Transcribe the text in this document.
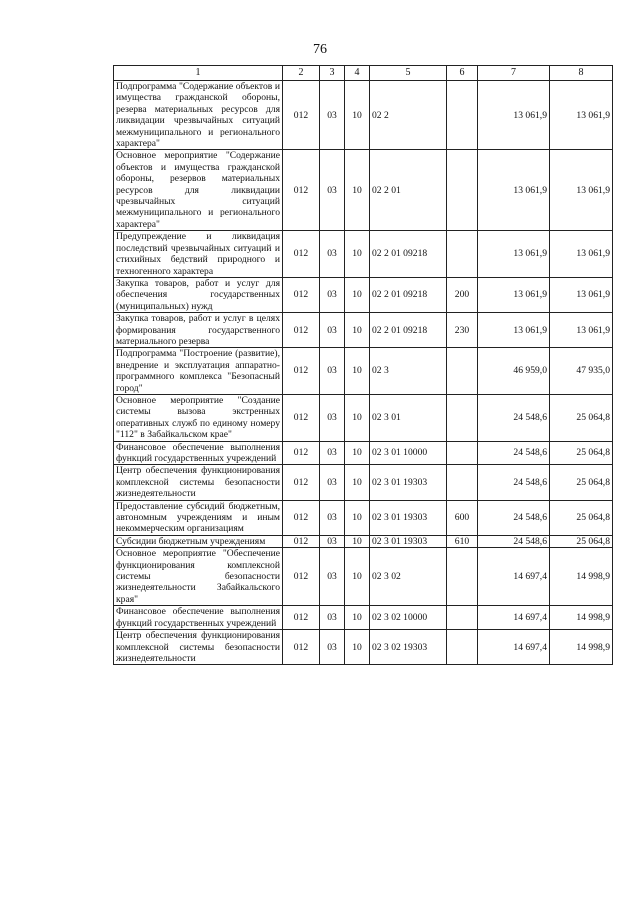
76
1	2	3	4	5	6	7	8
Подпрограмма "Содержание объектов и имущества гражданской обороны, резерва материальных ресурсов для ликвидации чрезвычайных ситуаций межмуниципального и регионального характера"	012	03	10	02 2		13 061,9	13 061,9
Основное мероприятие "Содержание объектов и имущества гражданской обороны, резервов материальных ресурсов для ликвидации чрезвычайных ситуаций межмуниципального и регионального характера"	012	03	10	02 2 01		13 061,9	13 061,9
Предупреждение и ликвидация последствий чрезвычайных ситуаций и стихийных бедствий природного и техногенного характера	012	03	10	02 2 01 09218		13 061,9	13 061,9
Закупка товаров, работ и услуг для обеспечения государственных (муниципальных) нужд	012	03	10	02 2 01 09218	200	13 061,9	13 061,9
Закупка товаров, работ и услуг в целях формирования государственного материального резерва	012	03	10	02 2 01 09218	230	13 061,9	13 061,9
Подпрограмма "Построение (развитие), внедрение и эксплуатация аппаратно-программного комплекса "Безопасный город"	012	03	10	02 3		46 959,0	47 935,0
Основное мероприятие "Создание системы вызова экстренных оперативных служб по единому номеру "112" в Забайкальском крае"	012	03	10	02 3 01		24 548,6	25 064,8
Финансовое обеспечение выполнения функций государственных учреждений	012	03	10	02 3 01 10000		24 548,6	25 064,8
Центр обеспечения функционирования комплексной системы безопасности жизнедеятельности	012	03	10	02 3 01 19303		24 548,6	25 064,8
Предоставление субсидий бюджетным, автономным учреждениям и иным некоммерческим организациям	012	03	10	02 3 01 19303	600	24 548,6	25 064,8
Субсидии бюджетным учреждениям	012	03	10	02 3 01 19303	610	24 548,6	25 064,8
Основное мероприятие "Обеспечение функционирования комплексной системы безопасности жизнедеятельности Забайкальского края"	012	03	10	02 3 02		14 697,4	14 998,9
Финансовое обеспечение выполнения функций государственных учреждений	012	03	10	02 3 02 10000		14 697,4	14 998,9
Центр обеспечения функционирования комплексной системы безопасности жизнедеятельности	012	03	10	02 3 02 19303		14 697,4	14 998,9
